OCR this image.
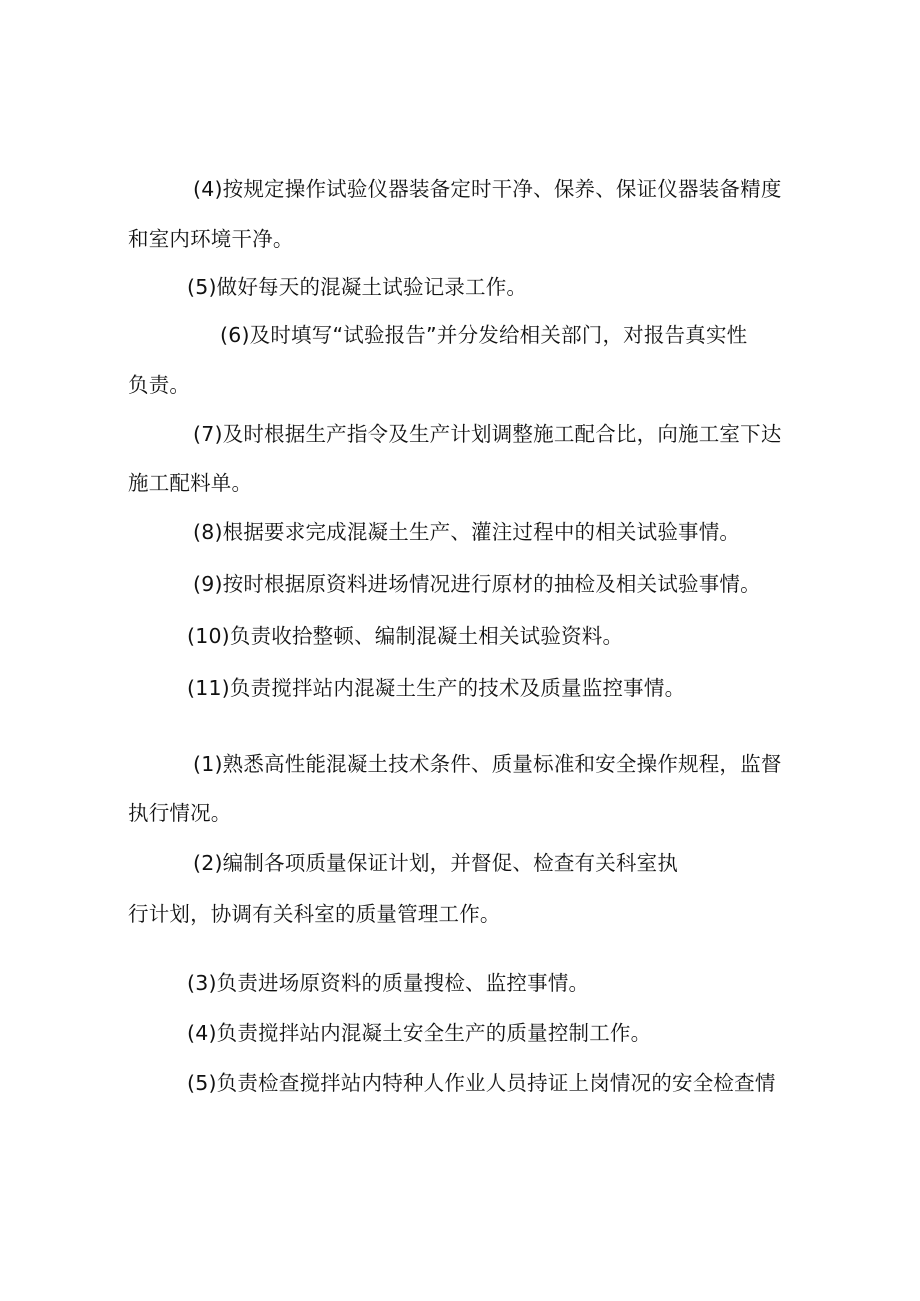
(4)按规定操作试验仪器装备定时干净、保养、保证仪器装备精度
和室内环境干净。
(5)做好每天的混凝土试验记录工作。
(6)及时填写“试验报告”并分发给相关部门，对报告真实性
负责。
(7)及时根据生产指令及生产计划调整施工配合比，向施工室下达
施工配料单。
(8)根据要求完成混凝土生产、灌注过程中的相关试验事情。
(9)按时根据原资料进场情况进行原材的抽检及相关试验事情。
(10)负责收拾整顿、编制混凝土相关试验资料。
(11)负责搅拌站内混凝土生产的技术及质量监控事情。
(1)熟悉高性能混凝土技术条件、质量标准和安全操作规程，监督
执行情况。
(2)编制各项质量保证计划，并督促、检查有关科室执
行计划，协调有关科室的质量管理工作。
(3)负责进场原资料的质量搜检、监控事情。
(4)负责搅拌站内混凝土安全生产的质量控制工作。
(5)负责检查搅拌站内特种人作业人员持证上岗情况的安全检查情
